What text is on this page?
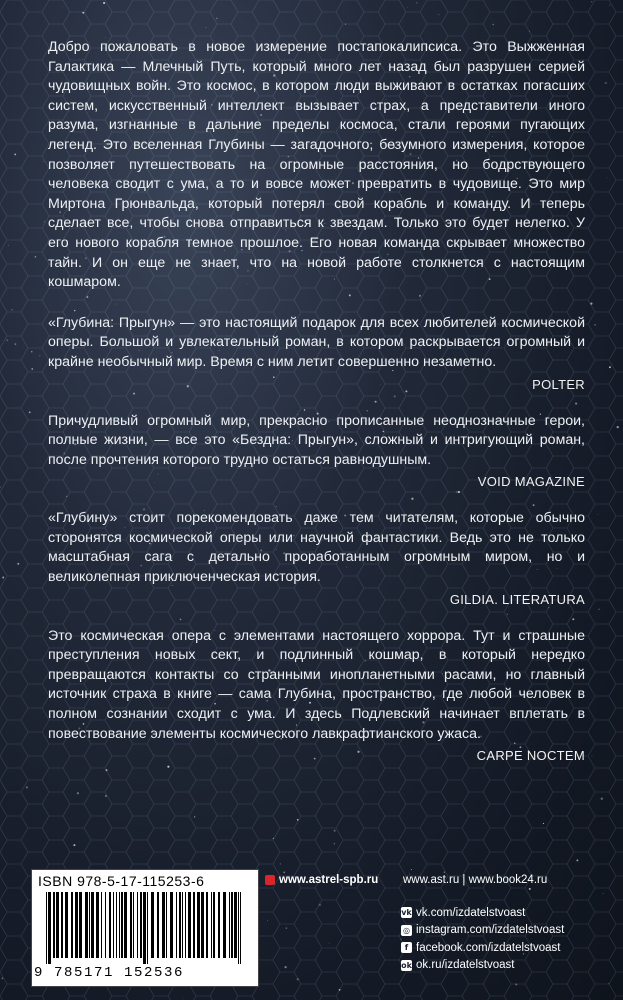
Добро пожаловать в новое измерение постапокалипсиса. Это Выжженная Галактика — Млечный Путь, который много лет назад был разрушен серией чудовищных войн. Это космос, в котором люди выживают в остатках погасших систем, искусственный интеллект вызывает страх, а представители иного разума, изгнанные в дальние пределы космоса, стали героями пугающих легенд. Это вселенная Глубины — загадочного, безумного измерения, которое позволяет путешествовать на огромные расстояния, но бодрствующего человека сводит с ума, а то и вовсе может превратить в чудовище. Это мир Миртона Грюнвальда, который потерял свой корабль и команду. И теперь сделает все, чтобы снова отправиться к звездам. Только это будет нелегко. У его нового корабля темное прошлое. Его новая команда скрывает множество тайн. И он еще не знает, что на новой работе столкнется с настоящим кошмаром.

«Глубина: Прыгун» — это настоящий подарок для всех любителей космической оперы. Большой и увлекательный роман, в котором раскрывается огромный и крайне необычный мир. Время с ним летит совершенно незаметно.

POLTER

Причудливый огромный мир, прекрасно прописанные неоднозначные герои, полные жизни, — все это «Бездна: Прыгун», сложный и интригующий роман, после прочтения которого трудно остаться равнодушным.

VOID MAGAZINE

«Глубину» стоит порекомендовать даже тем читателям, которые обычно сторонятся космической оперы или научной фантастики. Ведь это не только масштабная сага с детально проработанным огромным миром, но и великолепная приключенческая история.

GILDIA. LITERATURA

Это космическая опера с элементами настоящего хоррора. Тут и страшные преступления новых сект, и подлинный кошмар, в который нередко превращаются контакты со странными инопланетными расами, но главный источник страха в книге — сама Глубина, пространство, где любой человек в полном сознании сходит с ума. И здесь Подлевский начинает вплетать в повествование элементы космического лавкрафтианского ужаса.

CARPE NOCTEM
ISBN 978-5-17-115253-6
9 785171 152536
www.astrel-spb.ru www.ast.ru | www.book24.ru
vk vk.com/izdatelstvoast
◎ instagram.com/izdatelstvoast
f facebook.com/izdatelstvoast
ok ok.ru/izdatelstvoast
